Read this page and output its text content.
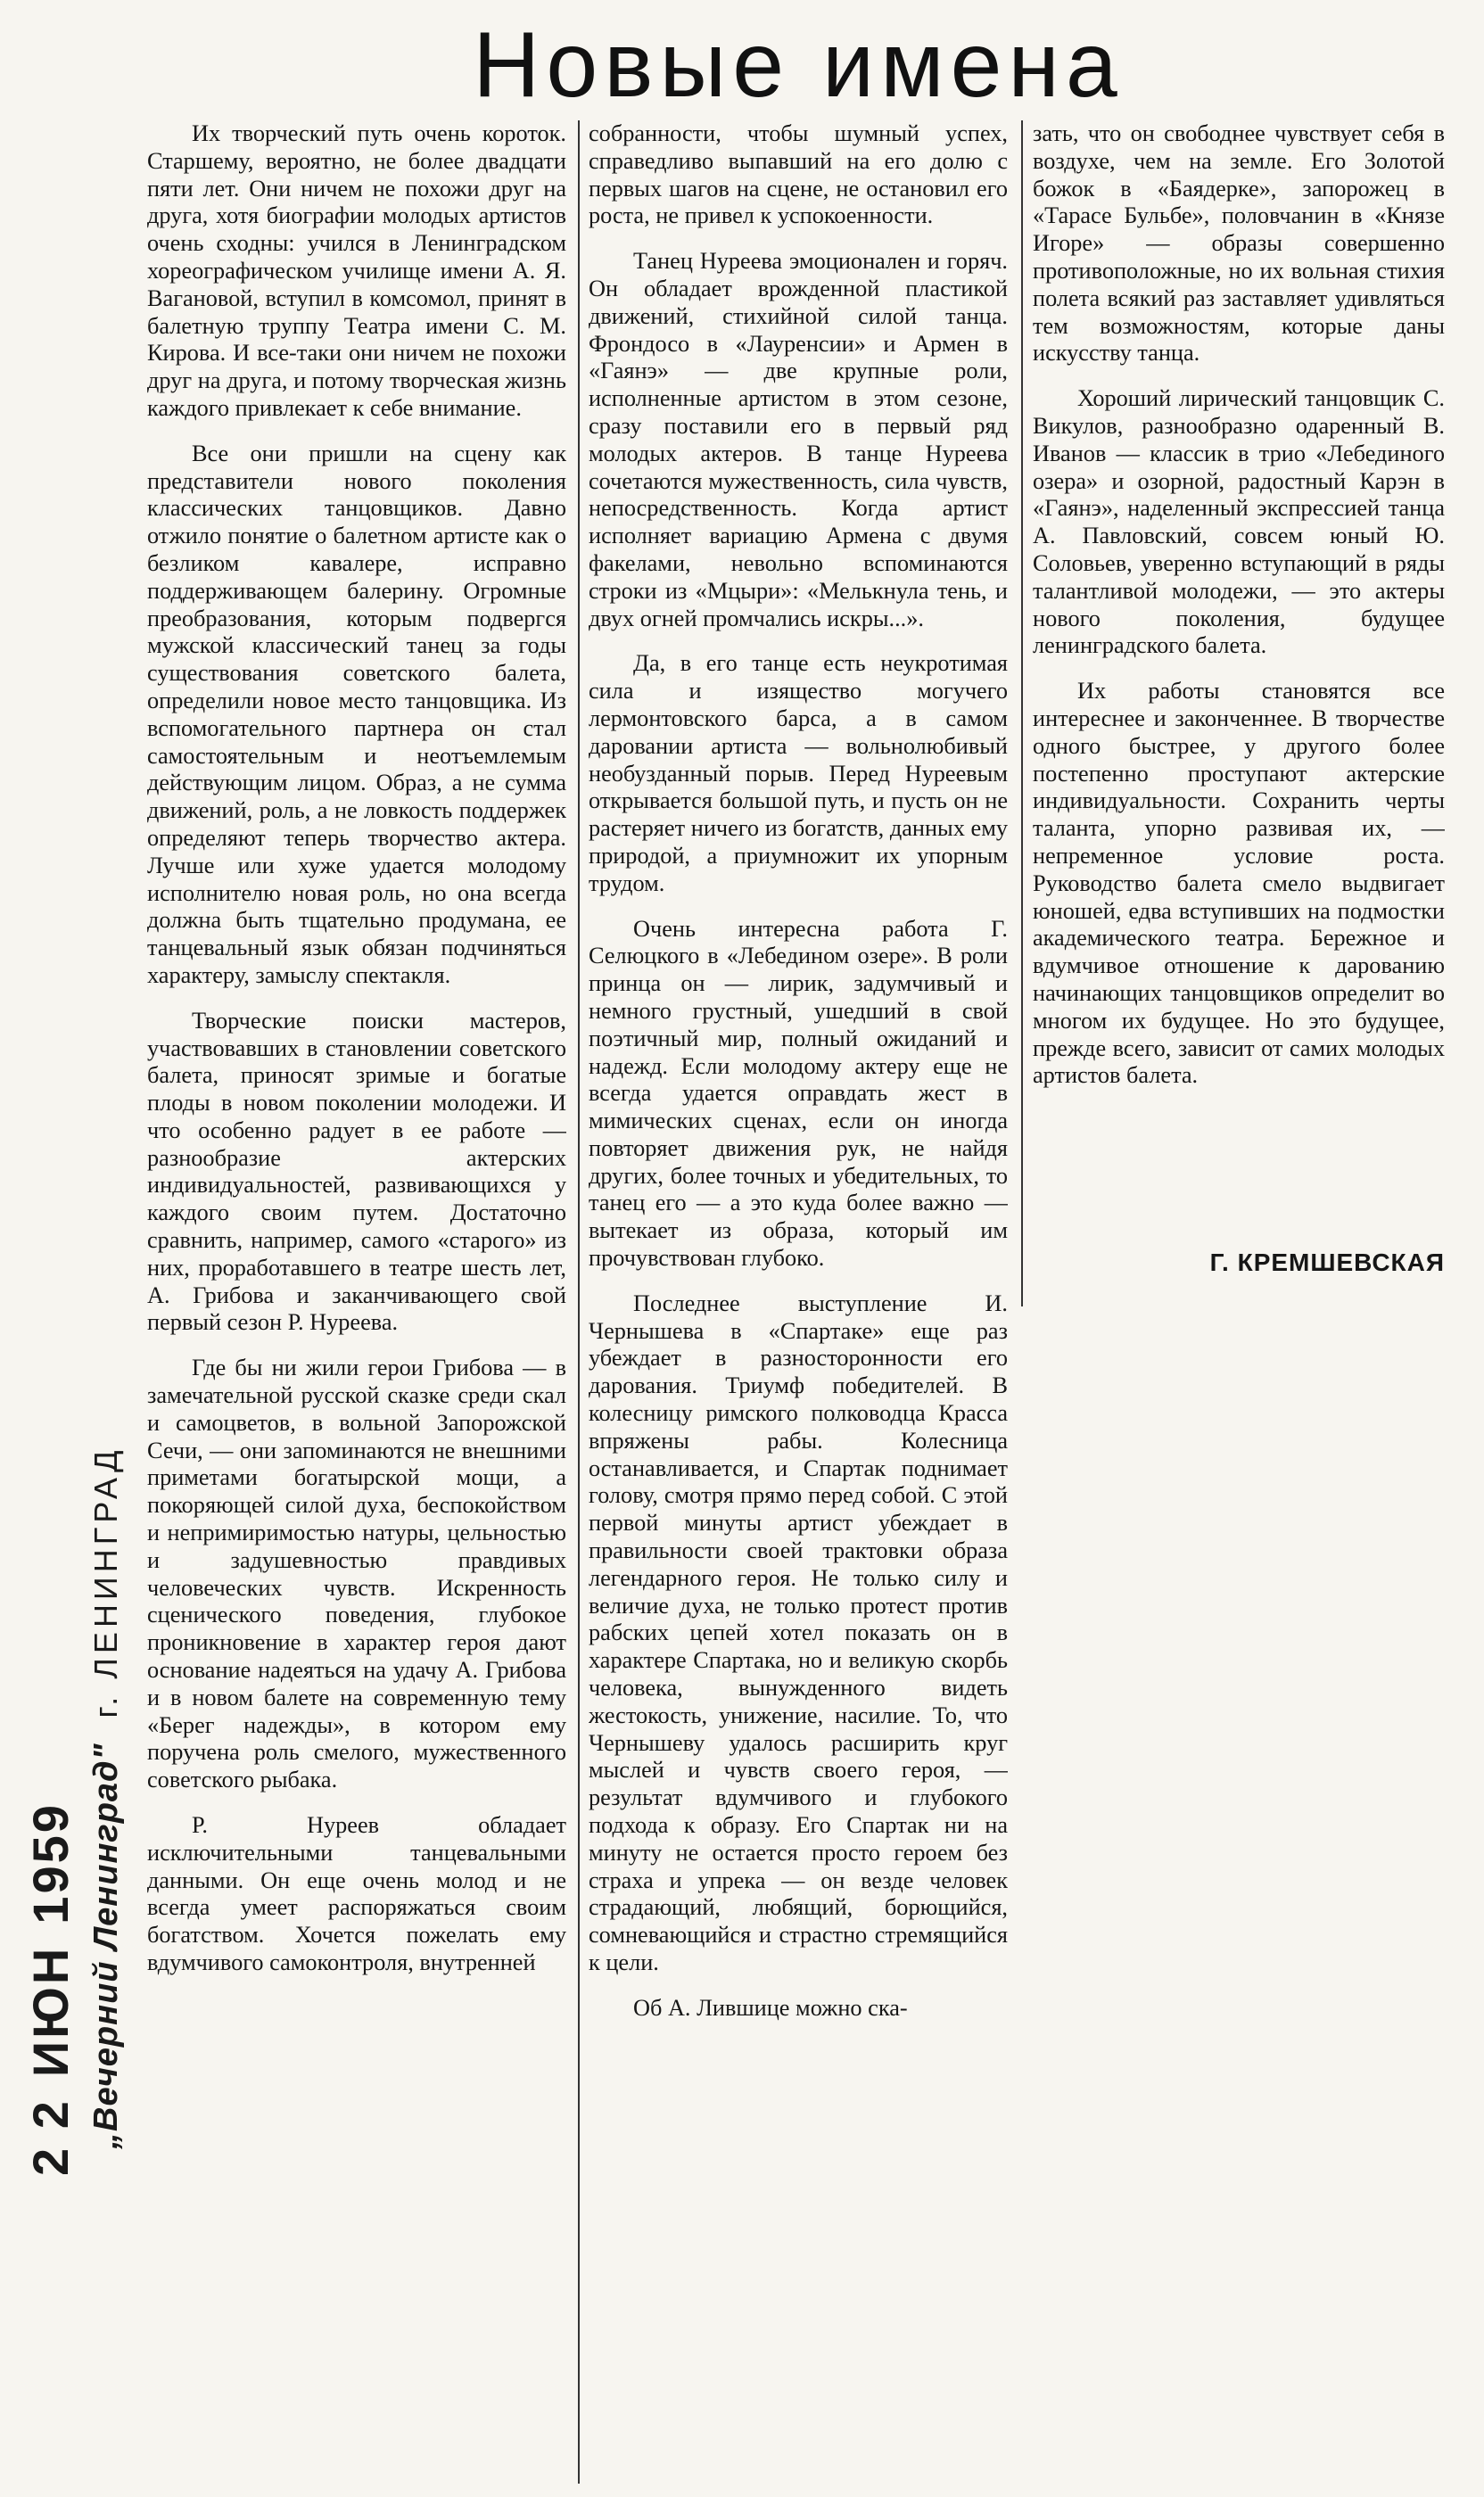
Новые имена
2 2ИЮН1959 „Вечерний Ленинград" г. ЛЕНИНГРАД

Их творческий путь очень короток. Старшему, вероятно, не более двадцати пяти лет. Они ничем не похожи друг на друга, хотя биографии молодых артистов очень сходны: учился в Ленинградском хореографическом училище имени А. Я. Вагановой, вступил в комсомол, принят в балетную труппу Театра имени С. М. Кирова. И все-таки они ничем не похожи друг на друга, и потому творческая жизнь каждого привлекает к себе внимание.

Все они пришли на сцену как представители нового поколения классических танцовщиков. Давно отжило понятие о балетном артисте как о безликом кавалере, исправно поддерживающем балерину. Огромные преобразования, которым подвергся мужской классический танец за годы существования советского балета, определили новое место танцовщика. Из вспомогательного партнера он стал самостоятельным и неотъемлемым действующим лицом. Образ, а не сумма движений, роль, а не ловкость поддержек определяют теперь творчество актера. Лучше или хуже удается молодому исполнителю новая роль, но она всегда должна быть тщательно продумана, ее танцевальный язык обязан подчиняться характеру, замыслу спектакля.

Творческие поиски мастеров, участвовавших в становлении советского балета, приносят зримые и богатые плоды в новом поколении молодежи. И что особенно радует в ее работе — разнообразие актерских индивидуальностей, развивающихся у каждого своим путем. Достаточно сравнить, например, самого «старого» из них, проработавшего в театре шесть лет, А. Грибова и заканчивающего свой первый сезон Р. Нуреева.

Где бы ни жили герои Грибова — в замечательной русской сказке среди скал и самоцветов, в вольной Запорожской Сечи, — они запоминаются не внешними приметами богатырской мощи, а покоряющей силой духа, беспокойством и непримиримостью натуры, цельностью и задушевностью правдивых человеческих чувств. Искренность сценического поведения, глубокое проникновение в характер героя дают основание надеяться на удачу А. Грибова и в новом балете на современную тему «Берег надежды», в котором ему поручена роль смелого, мужественного советского рыбака.

Р. Нуреев обладает исключительными танцевальными данными. Он еще очень молод и не всегда умеет распоряжаться своим богатством. Хочется пожелать ему вдумчивого самоконтроля, внутренней

собранности, чтобы шумный успех, справедливо выпавший на его долю с первых шагов на сцене, не остановил его роста, не привел к успокоенности.

Танец Нуреева эмоционален и горяч. Он обладает врожденной пластикой движений, стихийной силой танца. Фрондосо в «Лауренсии» и Армен в «Гаянэ» — две крупные роли, исполненные артистом в этом сезоне, сразу поставили его в первый ряд молодых актеров. В танце Нуреева сочетаются мужественность, сила чувств, непосредственность. Когда артист исполняет вариацию Армена с двумя факелами, невольно вспоминаются строки из «Мцыри»: «Мелькнула тень, и двух огней промчались искры...».

Да, в его танце есть неукротимая сила и изящество могучего лермонтовского барса, а в самом даровании артиста — вольнолюбивый необузданный порыв. Перед Нуреевым открывается большой путь, и пусть он не растеряет ничего из богатств, данных ему природой, а приумножит их упорным трудом.

Очень интересна работа Г. Селюцкого в «Лебедином озере». В роли принца он — лирик, задумчивый и немного грустный, ушедший в свой поэтичный мир, полный ожиданий и надежд. Если молодому актеру еще не всегда удается оправдать жест в мимических сценах, если он иногда повторяет движения рук, не найдя других, более точных и убедительных, то танец его — а это куда более важно — вытекает из образа, который им прочувствован глубоко.

Последнее выступление И. Чернышева в «Спартаке» еще раз убеждает в разносторонности его дарования. Триумф победителей. В колесницу римского полководца Красса впряжены рабы. Колесница останавливается, и Спартак поднимает голову, смотря прямо перед собой. С этой первой минуты артист убеждает в правильности своей трактовки образа легендарного героя. Не только силу и величие духа, не только протест против рабских цепей хотел показать он в характере Спартака, но и великую скорбь человека, вынужденного видеть жестокость, унижение, насилие. То, что Чернышеву удалось расширить круг мыслей и чувств своего героя, — результат вдумчивого и глубокого подхода к образу. Его Спартак ни на минуту не остается просто героем без страха и упрека — он везде человек страдающий, любящий, борющийся, сомневающийся и страстно стремящийся к цели.

Об А. Лившице можно ска-

зать, что он свободнее чувствует себя в воздухе, чем на земле. Его Золотой божок в «Баядерке», запорожец в «Тарасе Бульбе», половчанин в «Князе Игоре» — образы совершенно противоположные, но их вольная стихия полета всякий раз заставляет удивляться тем возможностям, которые даны искусству танца.

Хороший лирический танцовщик С. Викулов, разнообразно одаренный В. Иванов — классик в трио «Лебединого озера» и озорной, радостный Карэн в «Гаянэ», наделенный экспрессией танца А. Павловский, совсем юный Ю. Соловьев, уверенно вступающий в ряды талантливой молодежи, — это актеры нового поколения, будущее ленинградского балета.

Их работы становятся все интереснее и законченнее. В творчестве одного быстрее, у другого более постепенно проступают актерские индивидуальности. Сохранить черты таланта, упорно развивая их, — непременное условие роста. Руководство балета смело выдвигает юношей, едва вступивших на подмостки академического театра. Бережное и вдумчивое отношение к дарованию начинающих танцовщиков определит во многом их будущее. Но это будущее, прежде всего, зависит от самих молодых артистов балета.

Г. КРЕМШЕВСКАЯ
